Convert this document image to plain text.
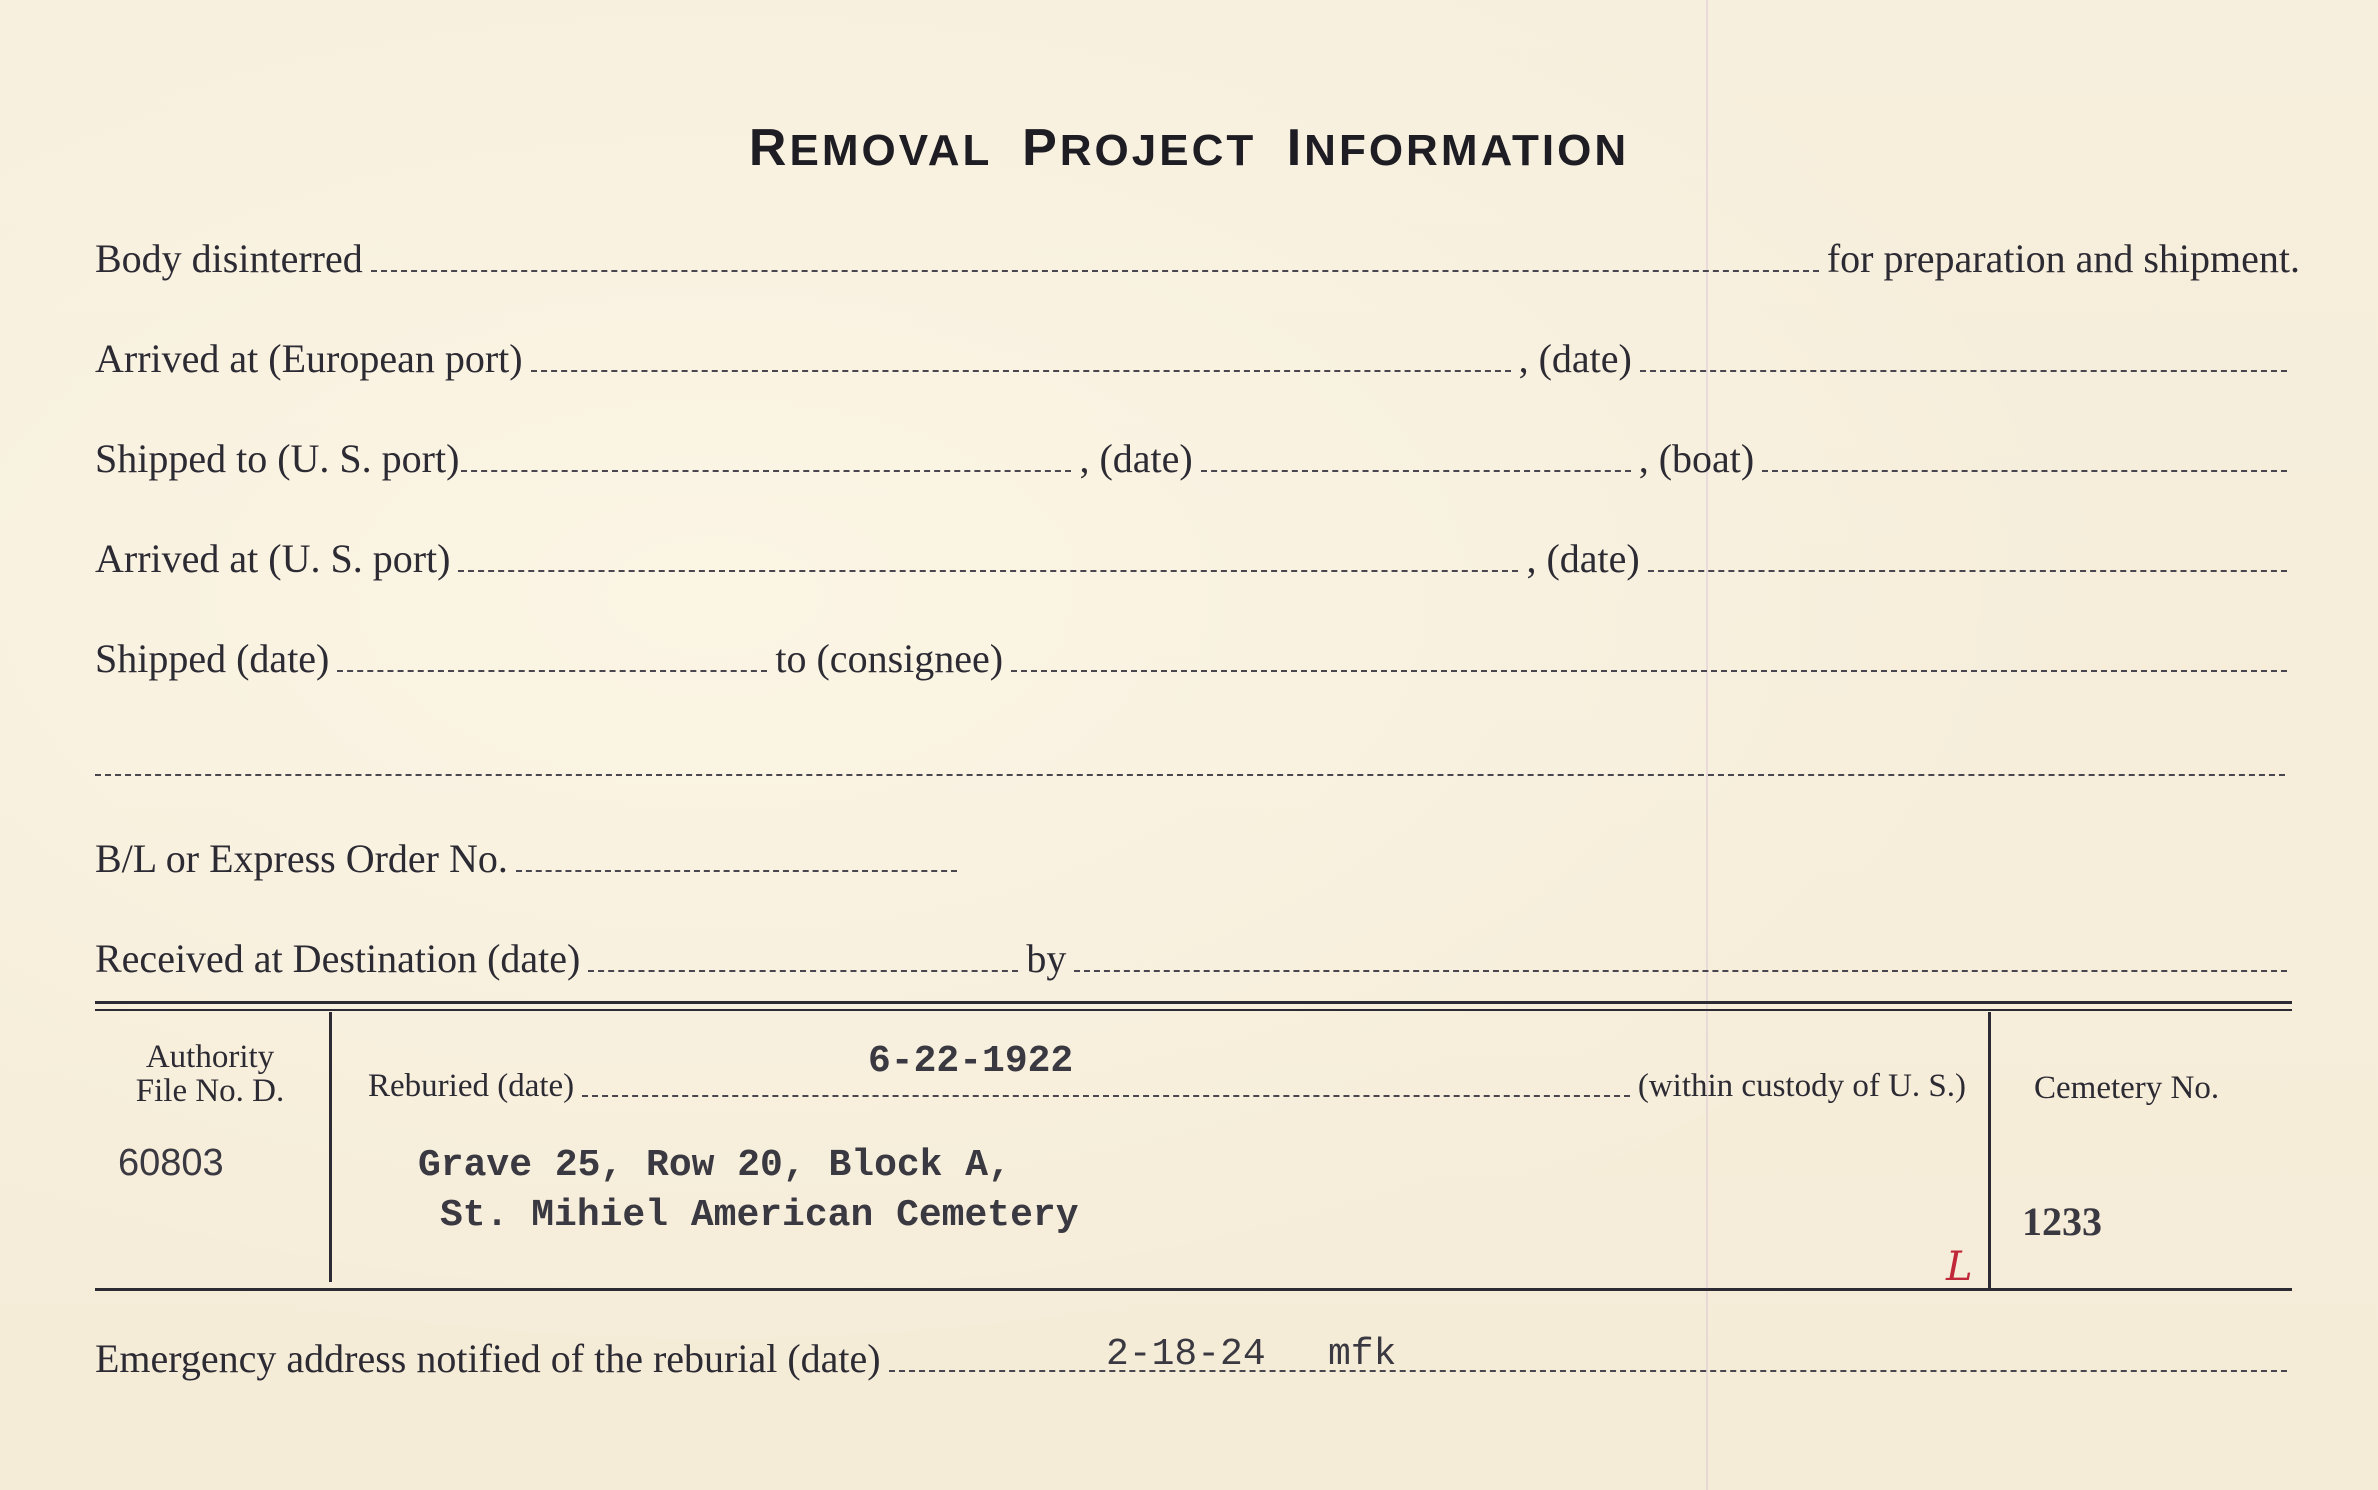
REMOVAL PROJECT INFORMATION
Body disinterred	for preparation and shipment.
Arrived at (European port)	, (date)
Shipped to (U. S. port)	, (date)	, (boat)
Arrived at (U. S. port)	, (date)
Shipped (date)	to (consignee)
B/L or Express Order No.
Received at Destination (date)	by
Authority
File No. D.
60803
Reburied (date)	(within custody of U. S.)
6-22-1922
Grave 25, Row 20, Block A,
St. Mihiel American Cemetery
L
Cemetery No.
1233
Emergency address notified of the reburial (date)	2-18-24 mfk
